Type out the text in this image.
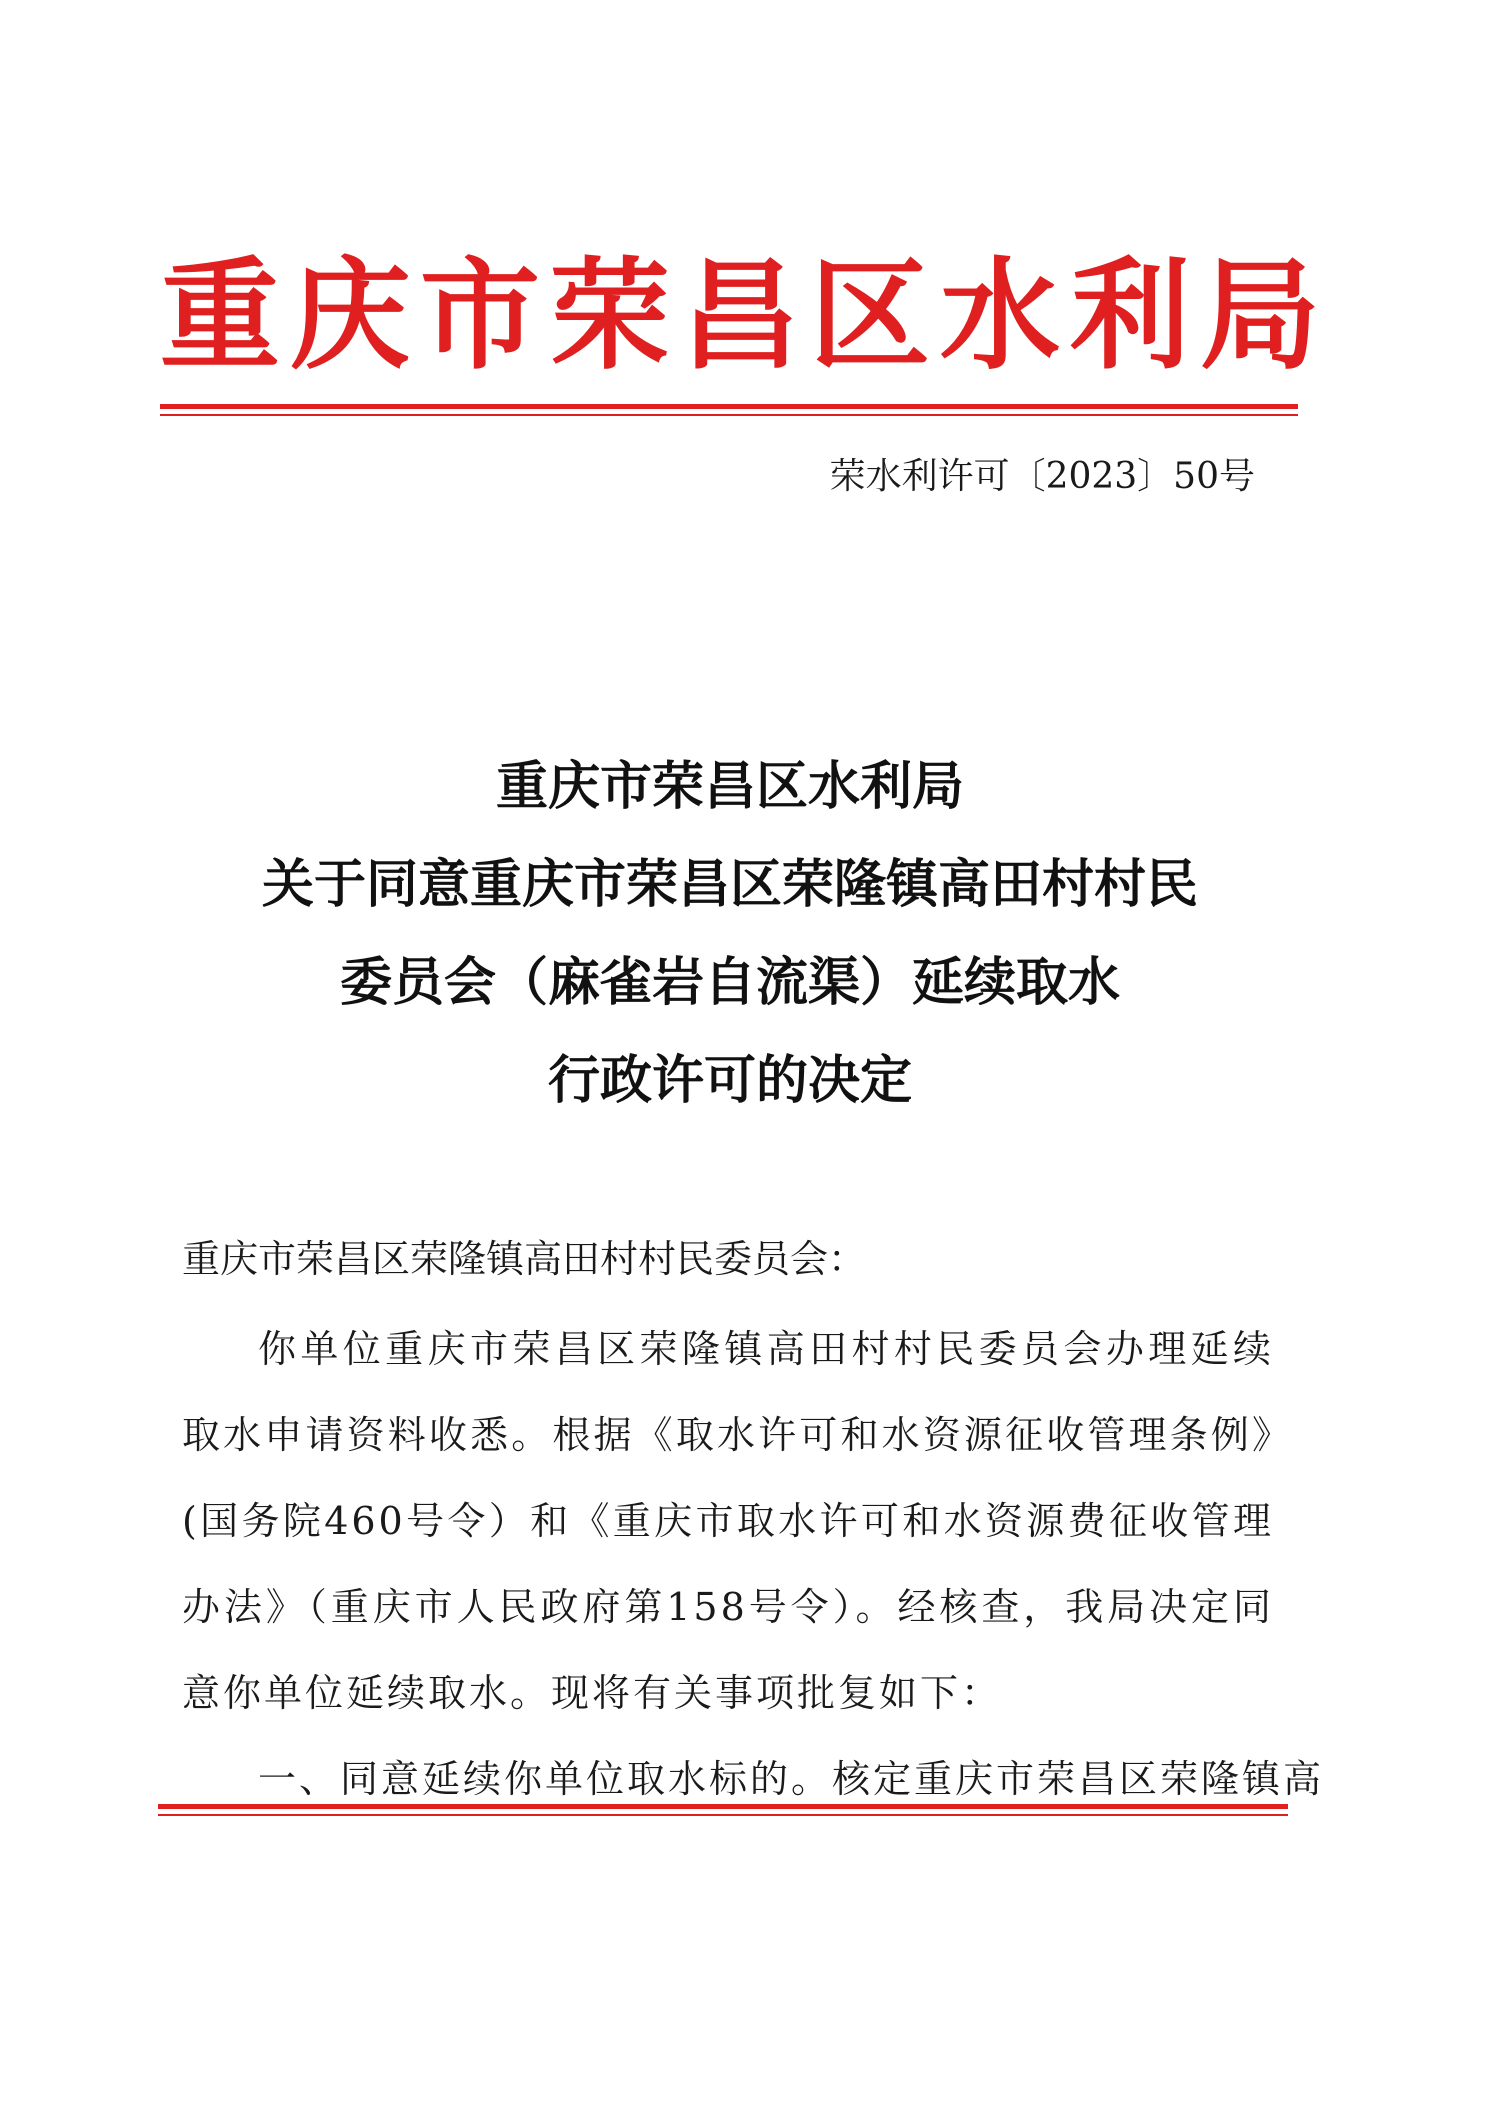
重庆市荣昌区水利局
荣水利许可〔2023〕50号
重庆市荣昌区水利局
关于同意重庆市荣昌区荣隆镇高田村村民
委员会（麻雀岩自流渠）延续取水
行政许可的决定
重庆市荣昌区荣隆镇高田村村民委员会：
你单位重庆市荣昌区荣隆镇高田村村民委员会办理延续取水申请资料收悉。根据《取水许可和水资源征收管理条例》(国务院460号令）和《重庆市取水许可和水资源费征收管理办法》（重庆市人民政府第158号令）。经核查，我局决定同意你单位延续取水。现将有关事项批复如下：
一、同意延续你单位取水标的。核定重庆市荣昌区荣隆镇高
